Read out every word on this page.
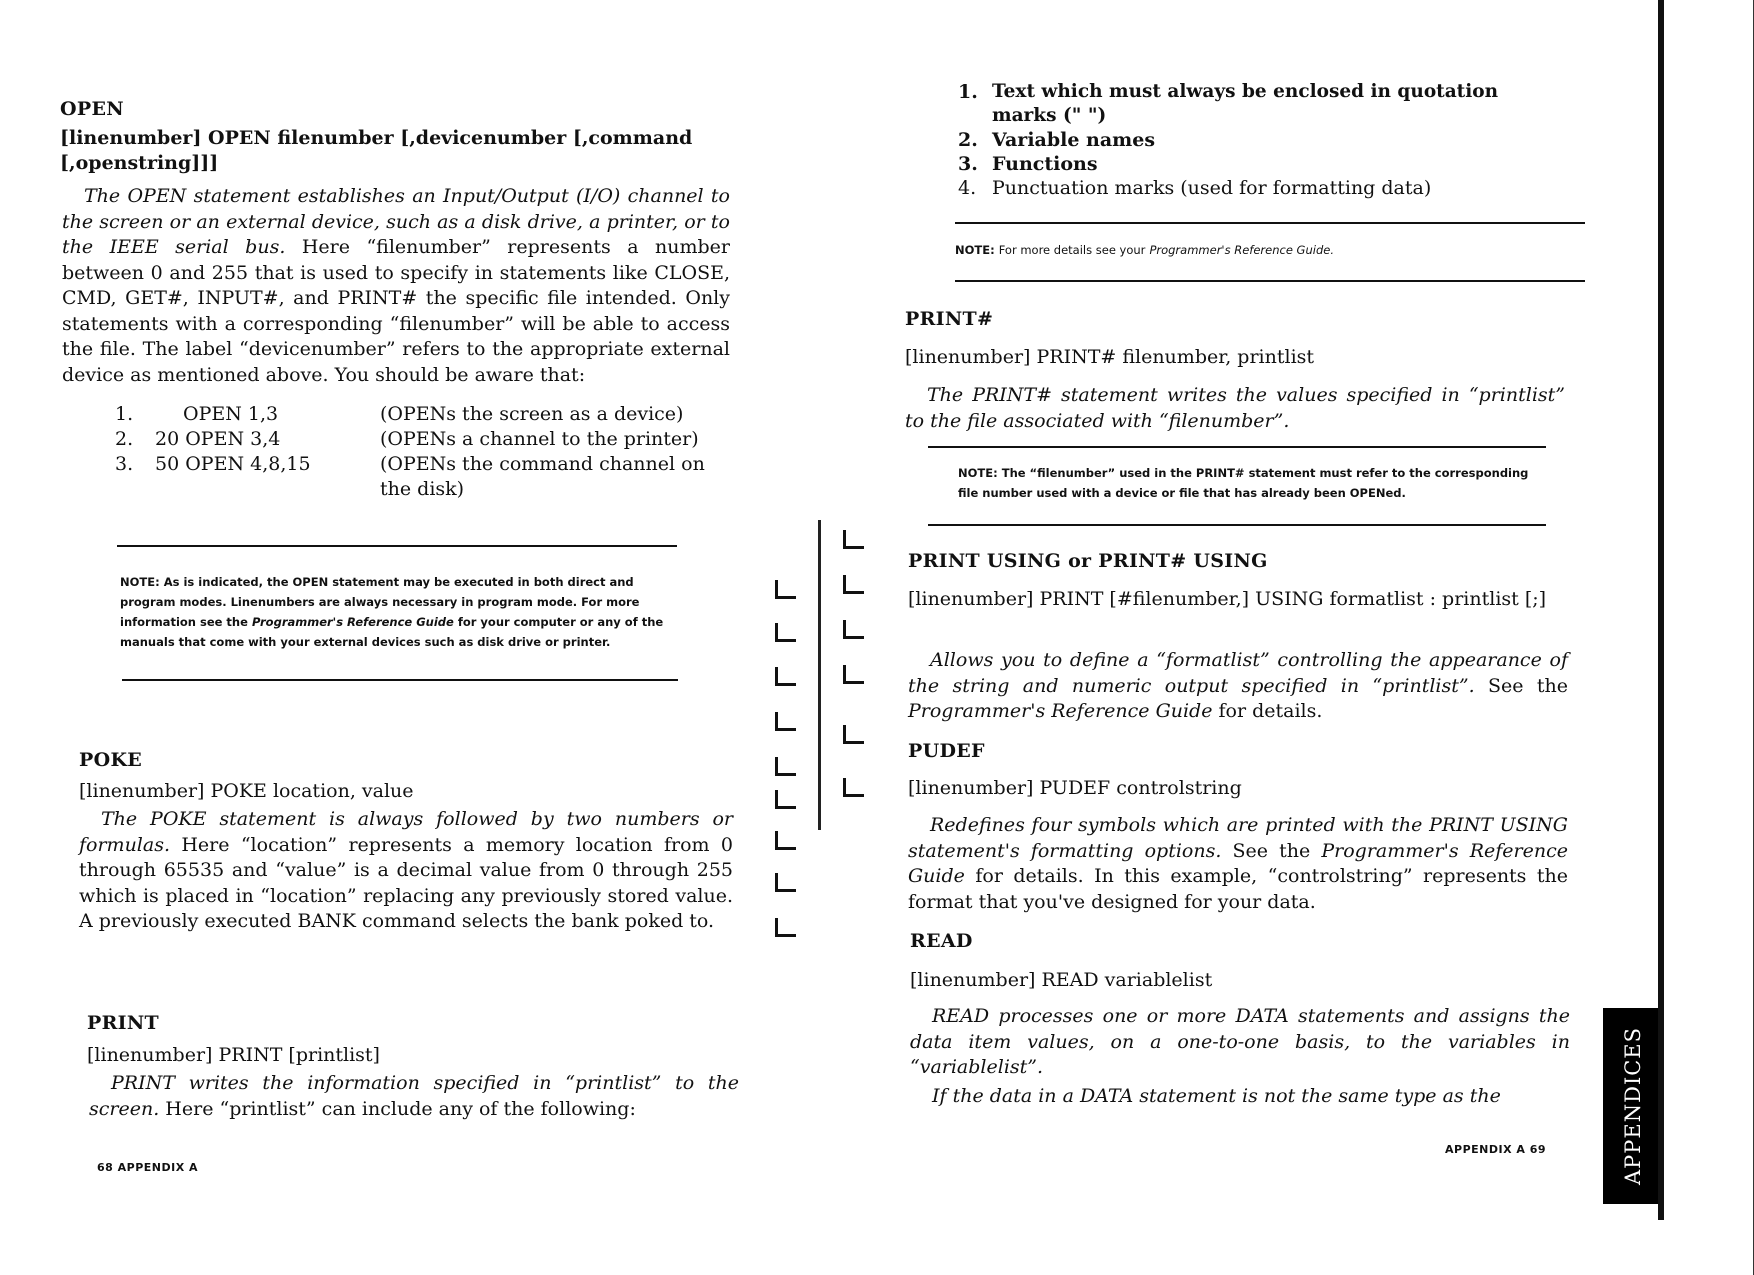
OPEN
[linenumber] OPEN filenumber [,devicenumber [,command
[,openstring]]]
The OPEN statement establishes an Input/Output (I/O) channel to the screen or an external device, such as a disk drive, a printer, or to the IEEE serial bus. Here “filenumber” represents a number between 0 and 255 that is used to specify in statements like CLOSE, CMD, GET#, INPUT#, and PRINT# the specific file intended. Only statements with a corresponding “filenumber” will be able to access the file. The label “devicenumber” refers to the appropriate external device as mentioned above. You should be aware that:
1.	OPEN 1,3	(OPENs the screen as a device)
2.	20 OPEN 3,4	(OPENs a channel to the printer)
3.	50 OPEN 4,8,15	(OPENs the command channel on the disk)
NOTE: As is indicated, the OPEN statement may be executed in both direct and program modes. Linenumbers are always necessary in program mode. For more information see the Programmer's Reference Guide for your computer or any of the manuals that come with your external devices such as disk drive or printer.
POKE
[linenumber] POKE location, value
The POKE statement is always followed by two numbers or formulas. Here “location” represents a memory location from 0 through 65535 and “value” is a decimal value from 0 through 255 which is placed in “location” replacing any previously stored value. A previously executed BANK command selects the bank poked to.
PRINT
[linenumber] PRINT [printlist]
PRINT writes the information specified in “printlist” to the screen. Here “printlist” can include any of the following:
68 APPENDIX A
1. Text which must always be enclosed in quotation marks (" ")
2. Variable names
3. Functions
4. Punctuation marks (used for formatting data)
NOTE: For more details see your Programmer's Reference Guide.
PRINT#
[linenumber] PRINT# filenumber, printlist
The PRINT# statement writes the values specified in “printlist” to the file associated with “filenumber”.
NOTE: The “filenumber” used in the PRINT# statement must refer to the corresponding file number used with a device or file that has already been OPENed.
PRINT USING or PRINT# USING
[linenumber] PRINT [#filenumber,] USING formatlist : printlist [;]
Allows you to define a “formatlist” controlling the appearance of the string and numeric output specified in “printlist”. See the Programmer's Reference Guide for details.
PUDEF
[linenumber] PUDEF controlstring
Redefines four symbols which are printed with the PRINT USING statement's formatting options. See the Programmer's Reference Guide for details. In this example, “controlstring” represents the format that you've designed for your data.
READ
[linenumber] READ variablelist
READ processes one or more DATA statements and assigns the data item values, on a one-to-one basis, to the variables in “variablelist”.
If the data in a DATA statement is not the same type as the
APPENDIX A 69	APPENDICES
